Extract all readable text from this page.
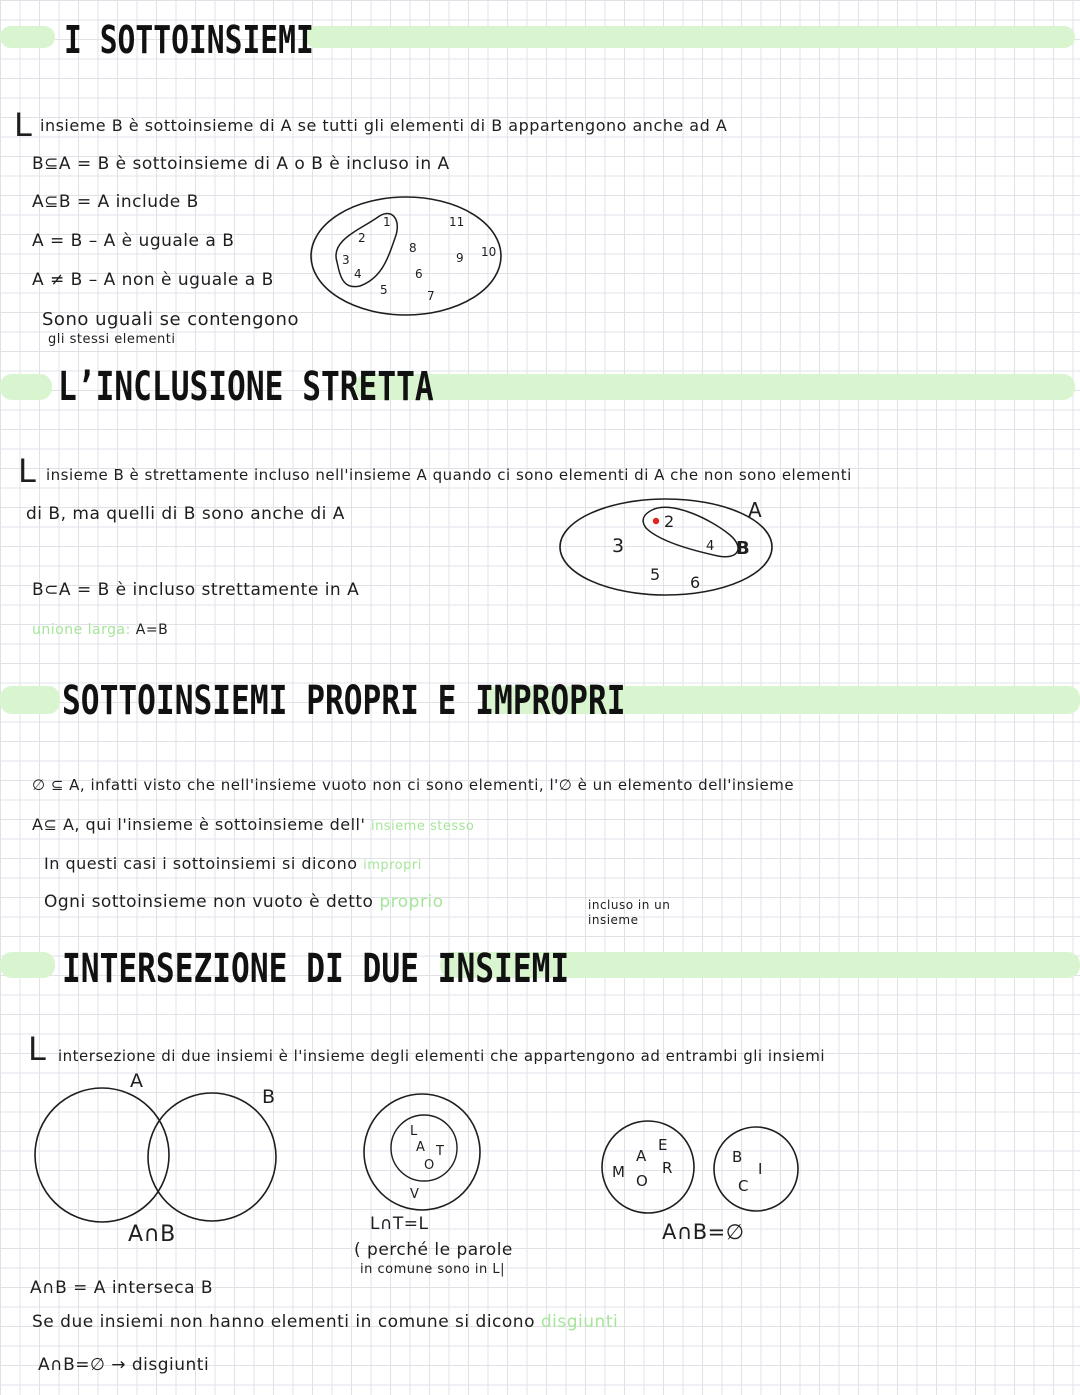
I SOTTOINSIEMI
L insieme B è sottoinsieme di A se tutti gli elementi di B appartengono anche ad A
B⊆A = B è sottoinsieme di A o B è incluso in A
A⊆B = A include B
A = B – A è uguale a B
A ≠ B – A non è uguale a B
Sono uguali se contengono
gli stessi elementi
L’INCLUSIONE STRETTA
L insieme B è strettamente incluso nell'insieme A quando ci sono elementi di A che non sono elementi
di B, ma quelli di B sono anche di A
B⊂A = B è incluso strettamente in A
unione larga: A=B
SOTTOINSIEMI PROPRI E IMPROPRI
∅ ⊆ A, infatti visto che nell'insieme vuoto non ci sono elementi, l'∅ è un elemento dell'insieme
A⊆ A, qui l'insieme è sottoinsieme dell' insieme stesso
In questi casi i sottoinsiemi si dicono impropri
Ogni sottoinsieme non vuoto è detto proprio	incluso in un
insieme
INTERSEZIONE DI DUE INSIEMI
L intersezione di due insiemi è l'insieme degli elementi che appartengono ad entrambi gli insiemi
A
B
A∩B
L
A T
O
V
L∩T=L
( perché le parole
in comune sono in L|
M
A
E
R
O
B
I
C
A∩B=∅
A∩B = A interseca B
Se due insiemi non hanno elementi in comune si dicono disgiunti
A∩B=∅ → disgiunti
1
2
3
4
8
6
5	7
11
9 10
A
B
2
4
3
5 6
